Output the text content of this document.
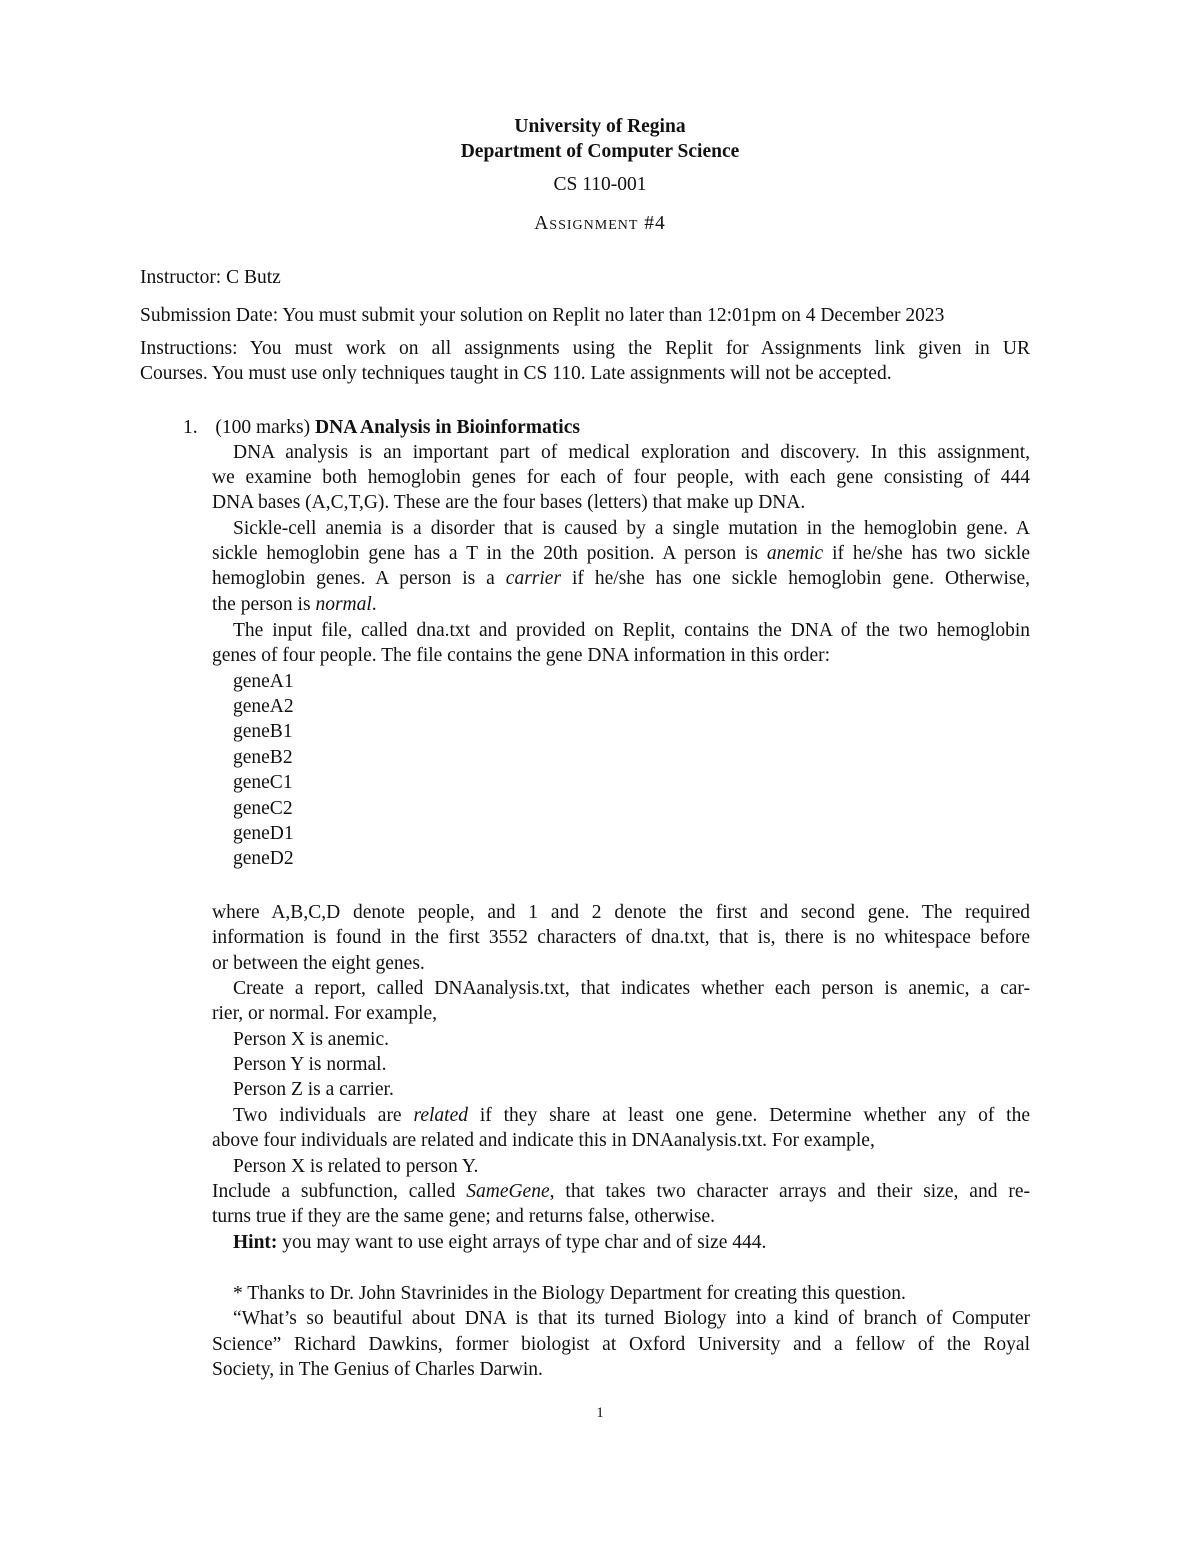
University of Regina
Department of Computer Science
CS 110-001
Assignment #4
Instructor: C Butz
Submission Date: You must submit your solution on Replit no later than 12:01pm on 4 December 2023
Instructions: You must work on all assignments using the Replit for Assignments link given in UR
Courses. You must use only techniques taught in CS 110. Late assignments will not be accepted.
1. (100 marks) DNA Analysis in Bioinformatics
DNA analysis is an important part of medical exploration and discovery. In this assignment,
we examine both hemoglobin genes for each of four people, with each gene consisting of 444
DNA bases (A,C,T,G). These are the four bases (letters) that make up DNA.
Sickle-cell anemia is a disorder that is caused by a single mutation in the hemoglobin gene. A
sickle hemoglobin gene has a T in the 20th position. A person is anemic if he/she has two sickle
hemoglobin genes. A person is a carrier if he/she has one sickle hemoglobin gene. Otherwise,
the person is normal.
The input file, called dna.txt and provided on Replit, contains the DNA of the two hemoglobin
genes of four people. The file contains the gene DNA information in this order:
geneA1
geneA2
geneB1
geneB2
geneC1
geneC2
geneD1
geneD2
where A,B,C,D denote people, and 1 and 2 denote the first and second gene. The required
information is found in the first 3552 characters of dna.txt, that is, there is no whitespace before
or between the eight genes.
Create a report, called DNAanalysis.txt, that indicates whether each person is anemic, a car-
rier, or normal. For example,
Person X is anemic.
Person Y is normal.
Person Z is a carrier.
Two individuals are related if they share at least one gene. Determine whether any of the
above four individuals are related and indicate this in DNAanalysis.txt. For example,
Person X is related to person Y.
Include a subfunction, called SameGene, that takes two character arrays and their size, and re-
turns true if they are the same gene; and returns false, otherwise.
Hint: you may want to use eight arrays of type char and of size 444.
* Thanks to Dr. John Stavrinides in the Biology Department for creating this question.
“What’s so beautiful about DNA is that its turned Biology into a kind of branch of Computer
Science” Richard Dawkins, former biologist at Oxford University and a fellow of the Royal
Society, in The Genius of Charles Darwin.
1
